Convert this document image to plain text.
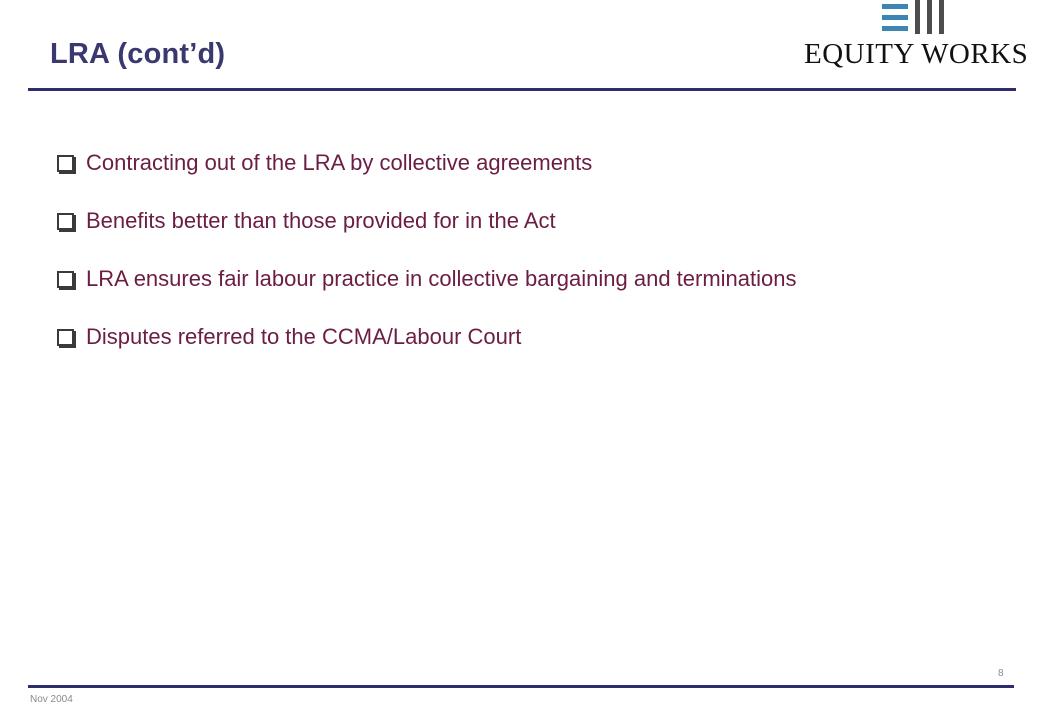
LRA (cont’d)	EQUITY WORKS
Contracting out of the LRA by collective agreements
Benefits better than those provided for in the Act
LRA ensures fair labour practice in collective bargaining and terminations
Disputes referred to the CCMA/Labour Court
Nov 2004
8
